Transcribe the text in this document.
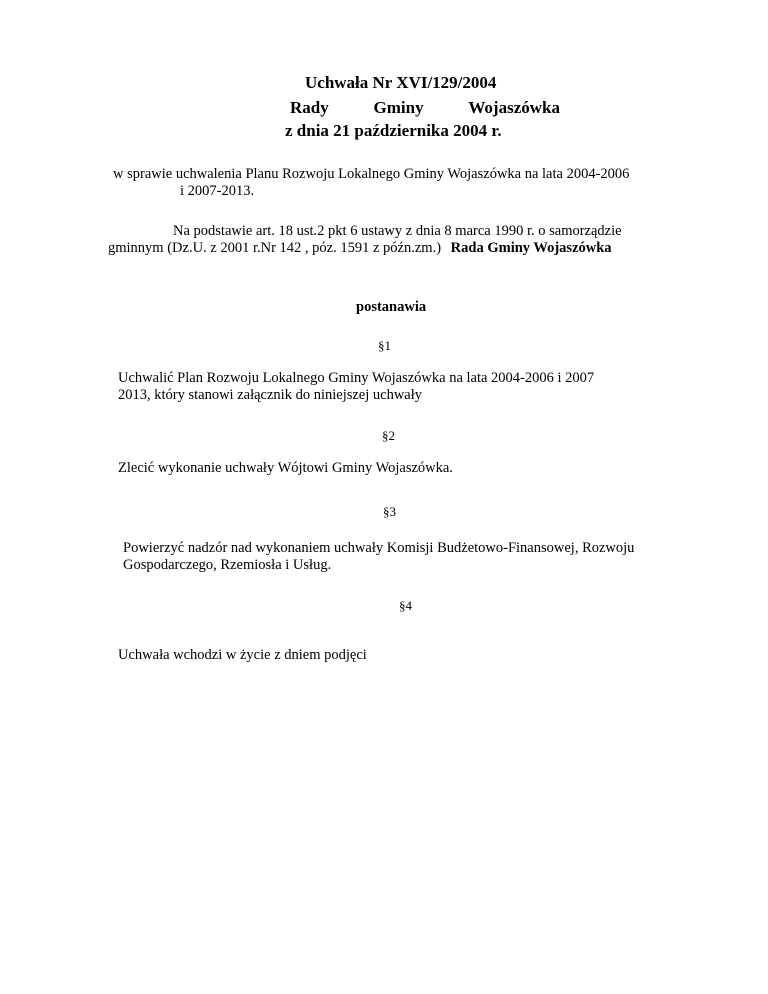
Uchwała Nr XVI/129/2004
Rady	Gminy	Wojaszówka
z dnia 21 października 2004 r.
w sprawie uchwalenia Planu Rozwoju Lokalnego Gminy Wojaszówka na lata 2004-2006
i 2007-2013.
Na podstawie art. 18 ust.2 pkt 6 ustawy z dnia 8 marca 1990 r. o samorządzie
gminnym (Dz.U. z 2001 r.Nr 142 , póz. 1591 z późn.zm.) Rada Gminy Wojaszówka
postanawia
§1
Uchwalić Plan Rozwoju Lokalnego Gminy Wojaszówka na lata 2004-2006 i 2007
2013, który stanowi załącznik do niniejszej uchwały
§2
Zlecić wykonanie uchwały Wójtowi Gminy Wojaszówka.
§3
Powierzyć nadzór nad wykonaniem uchwały Komisji Budżetowo-Finansowej, Rozwoju
Gospodarczego, Rzemiosła i Usług.
§4
Uchwała wchodzi w życie z dniem podjęci
